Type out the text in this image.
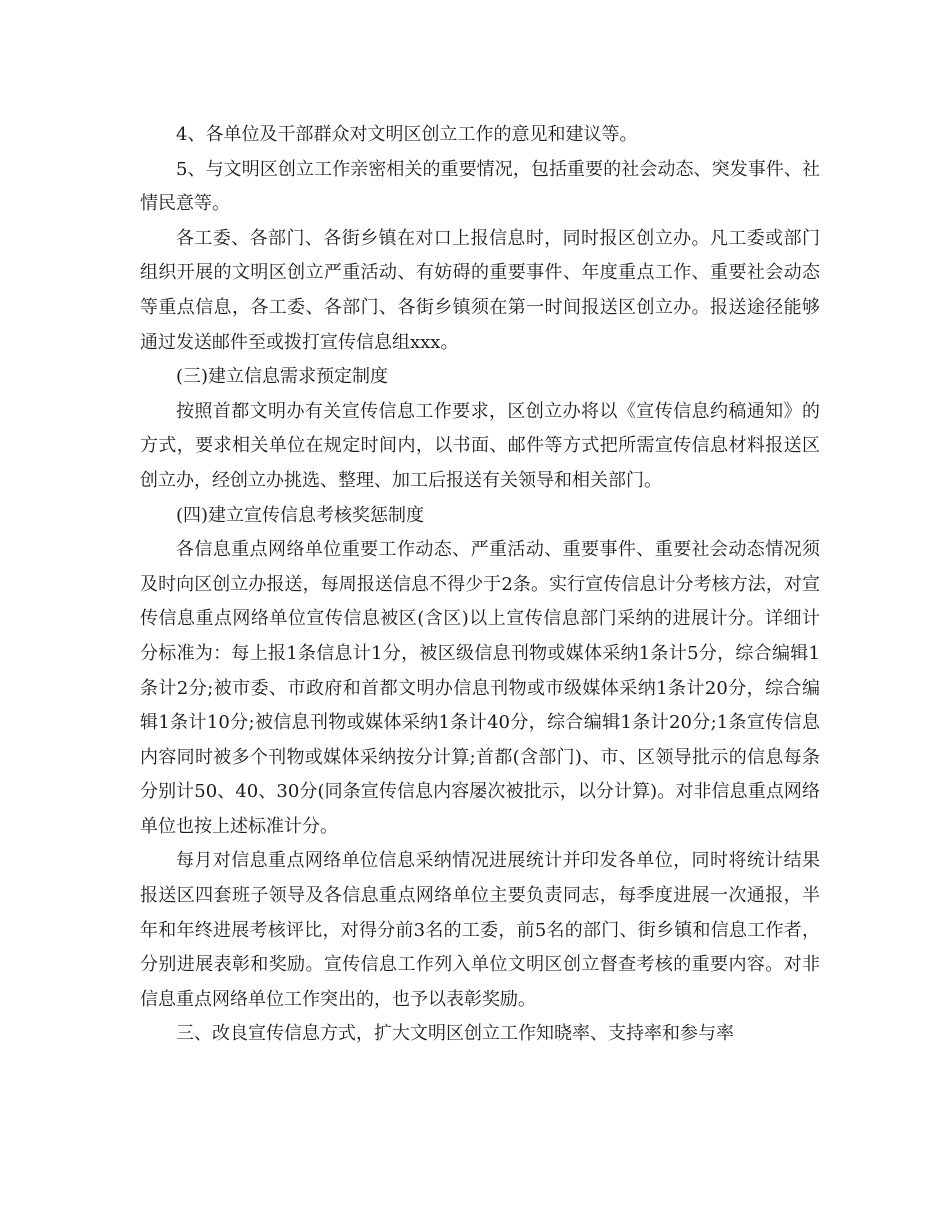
4、各单位及干部群众对文明区创立工作的意见和建议等。

5、与文明区创立工作亲密相关的重要情况，包括重要的社会动态、突发事件、社情民意等。

各工委、各部门、各街乡镇在对口上报信息时，同时报区创立办。凡工委或部门组织开展的文明区创立严重活动、有妨碍的重要事件、年度重点工作、重要社会动态等重点信息，各工委、各部门、各街乡镇须在第一时间报送区创立办。报送途径能够通过发送邮件至或拨打宣传信息组xxx。

(三)建立信息需求预定制度

按照首都文明办有关宣传信息工作要求，区创立办将以《宣传信息约稿通知》的方式，要求相关单位在规定时间内，以书面、邮件等方式把所需宣传信息材料报送区创立办，经创立办挑选、整理、加工后报送有关领导和相关部门。

(四)建立宣传信息考核奖惩制度

各信息重点网络单位重要工作动态、严重活动、重要事件、重要社会动态情况须及时向区创立办报送，每周报送信息不得少于2条。实行宣传信息计分考核方法，对宣传信息重点网络单位宣传信息被区(含区)以上宣传信息部门采纳的进展计分。详细计分标准为：每上报1条信息计1分，被区级信息刊物或媒体采纳1条计5分，综合编辑1条计2分;被市委、市政府和首都文明办信息刊物或市级媒体采纳1条计20分，综合编辑1条计10分;被信息刊物或媒体采纳1条计40分，综合编辑1条计20分;1条宣传信息内容同时被多个刊物或媒体采纳按分计算;首都(含部门)、市、区领导批示的信息每条分别计50、40、30分(同条宣传信息内容屡次被批示，以分计算)。对非信息重点网络单位也按上述标准计分。

每月对信息重点网络单位信息采纳情况进展统计并印发各单位，同时将统计结果报送区四套班子领导及各信息重点网络单位主要负责同志，每季度进展一次通报，半年和年终进展考核评比，对得分前3名的工委，前5名的部门、街乡镇和信息工作者，分别进展表彰和奖励。宣传信息工作列入单位文明区创立督查考核的重要内容。对非信息重点网络单位工作突出的，也予以表彰奖励。

三、改良宣传信息方式，扩大文明区创立工作知晓率、支持率和参与率
